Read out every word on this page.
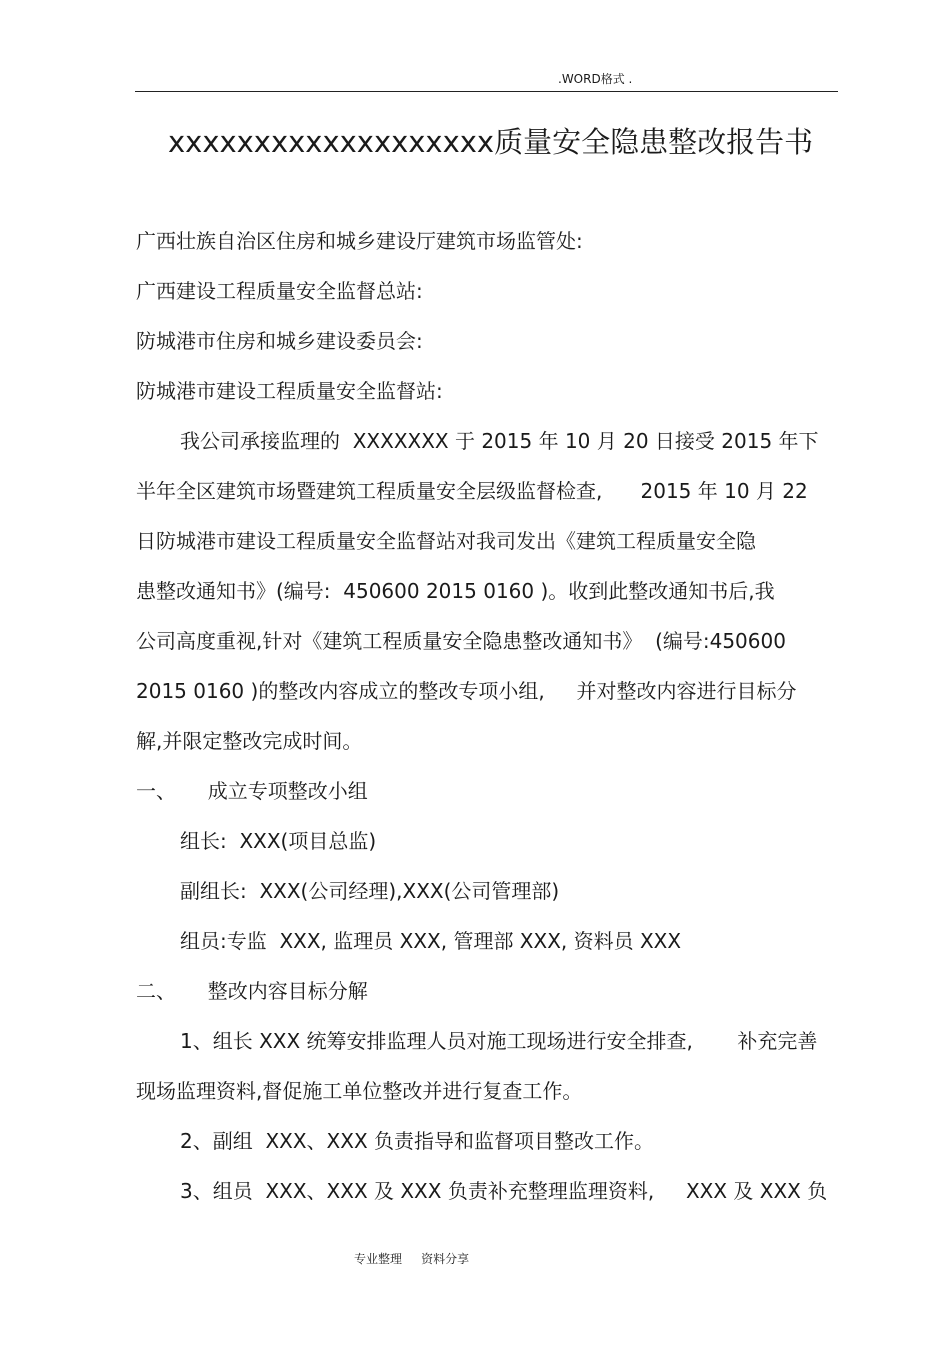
.WORD格式 .
xxxxxxxxxxxxxxxxxxx质量安全隐患整改报告书
广西壮族自治区住房和城乡建设厅建筑市场监管处:
广西建设工程质量安全监督总站:
防城港市住房和城乡建设委员会:
防城港市建设工程质量安全监督站:
我公司承接监理的  XXXXXXX 于 2015 年 10 月 20 日接受 2015 年下
半年全区建筑市场暨建筑工程质量安全层级监督检查,      2015 年 10 月 22
日防城港市建设工程质量安全监督站对我司发出《建筑工程质量安全隐
患整改通知书》(编号:  450600 2015 0160 )。收到此整改通知书后,我
公司高度重视,针对《建筑工程质量安全隐患整改通知书》  (编号:450600
2015 0160 )的整改内容成立的整改专项小组,     并对整改内容进行目标分
解,并限定整改完成时间。
一、     成立专项整改小组
组长:  XXX(项目总监)
副组长:  XXX(公司经理),XXX(公司管理部)
组员:专监  XXX, 监理员 XXX, 管理部 XXX, 资料员 XXX
二、     整改内容目标分解
1、组长 XXX 统筹安排监理人员对施工现场进行安全排查,       补充完善
现场监理资料,督促施工单位整改并进行复查工作。
2、副组  XXX、XXX 负责指导和监督项目整改工作。
3、组员  XXX、XXX 及 XXX 负责补充整理监理资料,     XXX 及 XXX 负
专业整理     资料分享
